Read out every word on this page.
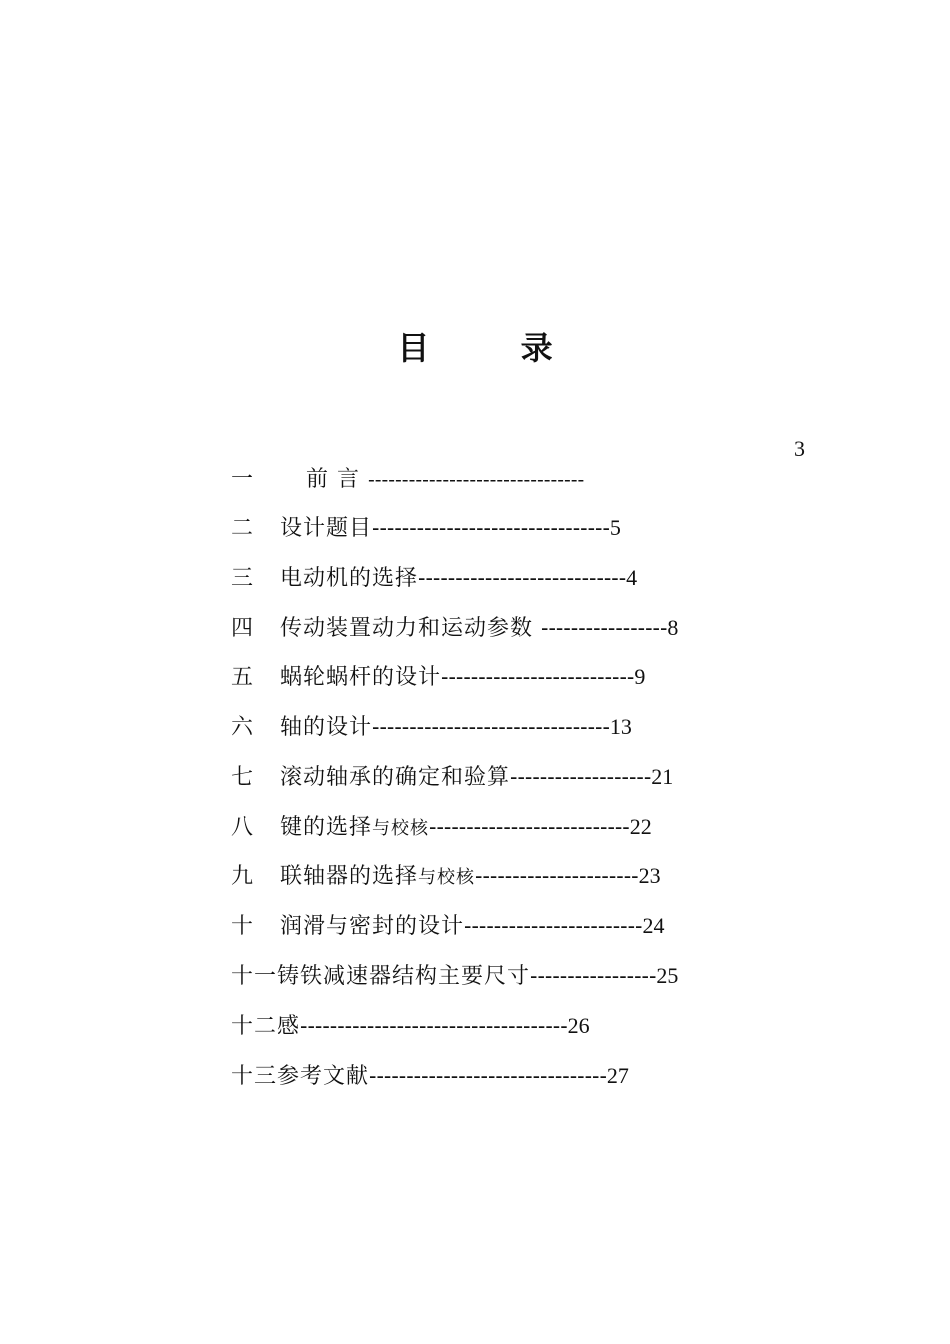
目 录

一 前 言 --------------------------------

3

二 设计题目--------------------------------5

三 电动机的选择----------------------------4

四 传动装置动力和运动参数 -----------------8

五 蜗轮蜗杆的设计--------------------------9

六 轴的设计--------------------------------13

七 滚动轴承的确定和验算-------------------21

八 键的选择与校核---------------------------22

九 联轴器的选择与校核----------------------23

十 润滑与密封的设计------------------------24

十一铸铁减速器结构主要尺寸-----------------25

十二感------------------------------------26

十三参考文献--------------------------------27
